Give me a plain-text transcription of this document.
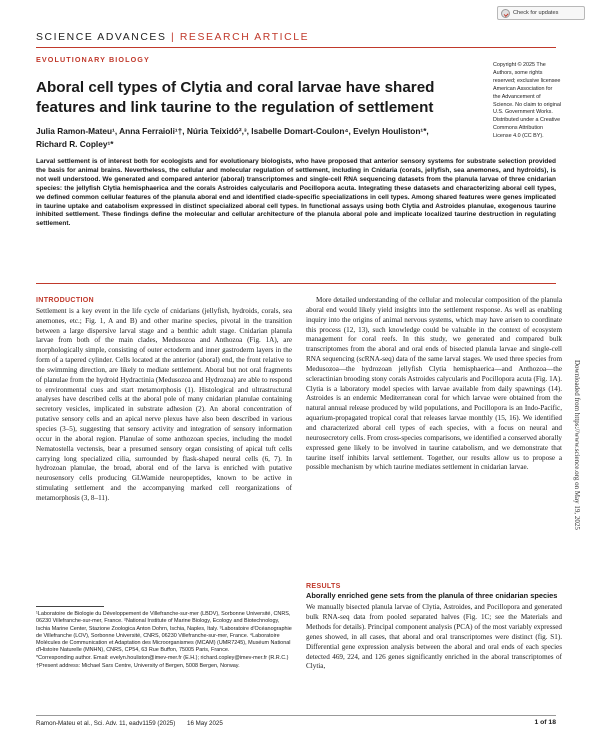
Check for updates
SCIENCE ADVANCES | RESEARCH ARTICLE
EVOLUTIONARY BIOLOGY
Aboral cell types of Clytia and coral larvae have shared features and link taurine to the regulation of settlement
Julia Ramon-Mateu¹, Anna Ferraioli¹†, Núria Teixidó²,³, Isabelle Domart-Coulon⁴, Evelyn Houliston¹*, Richard R. Copley¹*
Copyright © 2025 The Authors, some rights reserved; exclusive licensee American Association for the Advancement of Science. No claim to original U.S. Government Works. Distributed under a Creative Commons Attribution License 4.0 (CC BY).
Larval settlement is of interest both for ecologists and for evolutionary biologists, who have proposed that anterior sensory systems for substrate selection provided the basis for animal brains. Nevertheless, the cellular and molecular regulation of settlement, including in Cnidaria (corals, jellyfish, sea anemones, and hydroids), is not well understood. We generated and compared anterior (aboral) transcriptomes and single-cell RNA sequencing datasets from the planula larvae of three cnidarian species: the jellyfish Clytia hemisphaerica and the corals Astroides calycularis and Pocillopora acuta. Integrating these datasets and characterizing aboral cell types, we defined common cellular features of the planula aboral end and identified clade-specific specializations in cell types. Among shared features were genes implicated in taurine uptake and catabolism expressed in distinct specialized aboral cell types. In functional assays using both Clytia and Astroides planulae, exogenous taurine inhibited settlement. These findings define the molecular and cellular architecture of the planula aboral pole and implicate localized taurine destruction in regulating settlement.
INTRODUCTION

Settlement is a key event in the life cycle of cnidarians (jellyfish, hydroids, corals, sea anemones, etc.; Fig. 1, A and B) and other marine species, pivotal in the transition between a large dispersive larval stage and a benthic adult stage. Cnidarian planula larvae from both of the main clades, Medusozoa and Anthozoa (Fig. 1A), are morphologically simple, consisting of outer ectoderm and inner gastroderm layers in the form of a tapered cylinder. Cells located at the anterior (aboral) end, the front relative to the swimming direction, are likely to mediate settlement. Aboral but not oral fragments of planulae from the hydroid Hydractinia (Medusozoa and Hydrozoa) are able to respond to environmental cues and start metamorphosis (1). Histological and ultrastructural analyses have described cells at the aboral pole of many cnidarian planulae containing secretory vesicles, implicated in substrate adhesion (2). An aboral concentration of putative sensory cells and an apical nerve plexus have also been described in various species (3–5), suggesting that sensory activity and integration of sensory information occur in the aboral region. Planulae of some anthozoan species, including the model Nematostella vectensis, bear a presumed sensory organ consisting of apical tuft cells carrying long specialized cilia, surrounded by flask-shaped neural cells (6, 7). In hydrozoan planulae, the broad, aboral end of the larva is enriched with putative neurosensory cells producing GLWamide neuropeptides, known to be active in stimulating settlement and the accompanying marked cell reorganizations of metamorphosis (3, 8–11).

More detailed understanding of the cellular and molecular composition of the planula aboral end would likely yield insights into the settlement response. As well as enabling inquiry into the origins of animal nervous systems, which may have arisen to coordinate this process (12, 13), such knowledge could be valuable in the context of ecosystem management for coral reefs. In this study, we generated and compared bulk transcriptomes from the aboral and oral ends of bisected planula larvae and single-cell RNA sequencing (scRNA-seq) data of the same larval stages. We used three species from Medusozoa—the hydrozoan jellyfish Clytia hemisphaerica—and Anthozoa—the scleractinian brooding stony corals Astroides calycularis and Pocillopora acuta (Fig. 1A). Clytia is a laboratory model species with larvae available from daily spawnings (14). Astroides is an endemic Mediterranean coral for which larvae were obtained from the natural annual release produced by wild populations, and Pocillopora is an Indo-Pacific, aquarium-propagated tropical coral that releases larvae monthly (15, 16). We identified and characterized aboral cell types of each species, with a focus on neural and neurosecretory cells. From cross-species comparisons, we identified a conserved aborally expressed gene likely to be involved in taurine catabolism, and we demonstrate that taurine itself inhibits larval settlement. Together, our results allow us to propose a possible mechanism by which taurine mediates settlement in cnidarian larvae.

RESULTS
Aborally enriched gene sets from the planula of three cnidarian species
We manually bisected planula larvae of Clytia, Astroides, and Pocillopora and generated bulk RNA-seq data from pooled separated halves (Fig. 1C; see the Materials and Methods for details). Principal component analysis (PCA) of the most variably expressed genes showed, in all cases, that aboral and oral transcriptomes were distinct (fig. S1). Differential gene expression analysis between the aboral and oral ends of each species detected 469, 224, and 126 genes significantly enriched in the aboral transcriptomes of Clytia,

¹Laboratoire de Biologie du Développement de Villefranche-sur-mer (LBDV), Sorbonne Université, CNRS, 06230 Villefranche-sur-mer, France. ²National Institute of Marine Biology, Ecology and Biotechnology, Ischia Marine Center, Stazione Zoologica Anton Dohrn, Ischia, Naples, Italy. ³Laboratoire d'Océanographie de Villefranche (LOV), Sorbonne Université, CNRS, 06230 Villefranche-sur-mer, France. ⁴Laboratoire Molécules de Communication et Adaptation des Microorganismes (MCAM) (UMR7245), Muséum National d'Histoire Naturelle (MNHN), CNRS, CP54, 63 Rue Buffon, 75005 Paris, France.

*Corresponding author. Email: evelyn.houliston@imev-mer.fr (E.H.); richard.copley@imev-mer.fr (R.R.C.)

†Present address: Michael Sars Centre, University of Bergen, 5008 Bergen, Norway.

Downloaded from https://www.science.org on May 19, 2025
Ramon-Mateu et al., Sci. Adv. 11, eadv1159 (2025) 16 May 2025	1 of 18
